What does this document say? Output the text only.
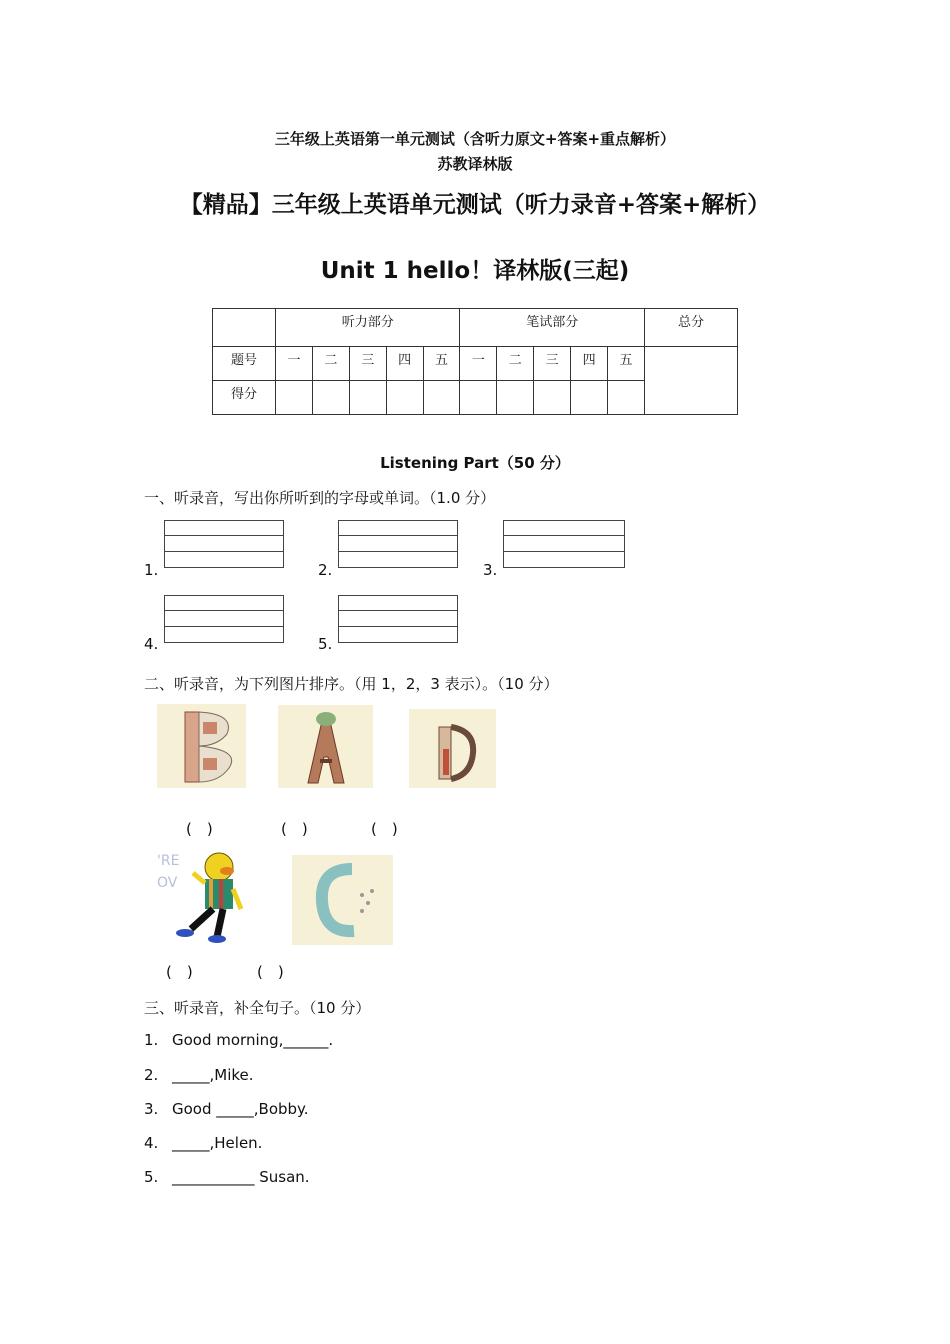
三年级上英语第一单元测试（含听力原文+答案+重点解析）
苏教译林版
【精品】三年级上英语单元测试（听力录音+答案+解析）
Unit 1 hello！译林版(三起)
	听力部分					笔试部分					总分
题号	一	二	三	四	五	一	二	三	四	五	
得分											
Listening Part（50 分）
一、听录音，写出你所听到的字母或单词。（1.0 分）
1.	2.	3.
4.	5.
二、听录音，为下列图片排序。（用 1，2，3 表示）。（10 分）
(　)	(　)	(　)
'RE
OV
(　)	(　)
三、听录音，补全句子。（10 分）
1. Good morning,______.
2. _____,Mike.
3. Good _____,Bobby.
4. _____,Helen.
5. ___________ Susan.
